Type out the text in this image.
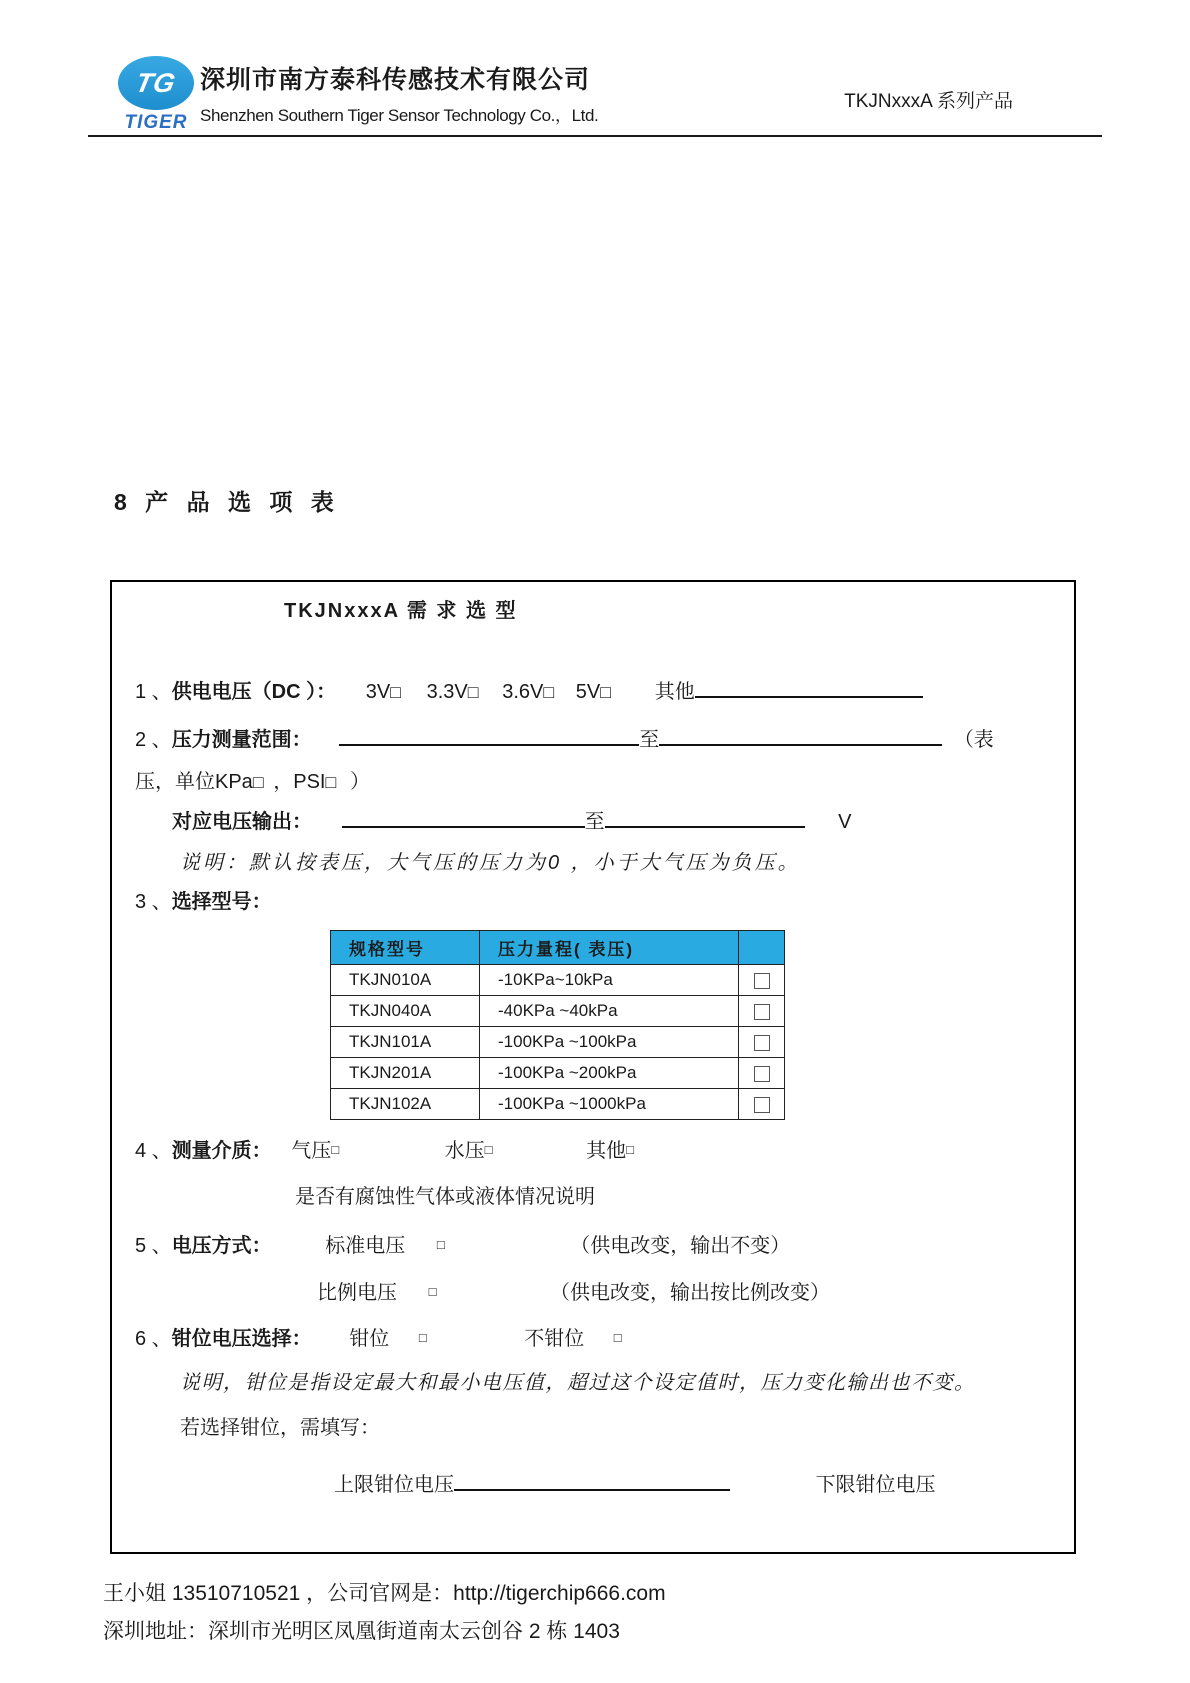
TG
TIGER
深圳市南方泰科传感技术有限公司
Shenzhen Southern Tiger Sensor Technology Co.，Ltd.
TKJNxxxA 系列产品
8 产 品 选 项 表
TKJNxxxA 需 求 选 型
1 、供电电压（DC ）： 3V□ 3.3V□ 3.6V□ 5V□ 其他
2 、压力测量范围：	至	（表
压，单位KPa□ ，PSI□ ）
对应电压输出：	至	V
说明：默认按表压，大气压的压力为0 ，小于大气压为负压。
3 、选择型号：
规格型号	压力量程( 表压)	
TKJN010A	-10KPa~10kPa	
TKJN040A	-40KPa ~40kPa	
TKJN101A	-100KPa ~100kPa	
TKJN201A	-100KPa ~200kPa	
TKJN102A	-100KPa ~1000kPa	
4 、测量介质： 气压□	水压□	其他□
是否有腐蚀性气体或液体情况说明
5 、电压方式：	标准电压 □	（供电改变，输出不变）
比例电压 □	（供电改变，输出按比例改变）
6 、钳位电压选择： 钳位 □	不钳位 □
说明，钳位是指设定最大和最小电压值，超过这个设定值时，压力变化输出也不变。
若选择钳位，需填写：
上限钳位电压	下限钳位电压
王小姐 13510710521 ，公司官网是：http://tigerchip666.com
深圳地址：深圳市光明区凤凰街道南太云创谷 2 栋 1403
